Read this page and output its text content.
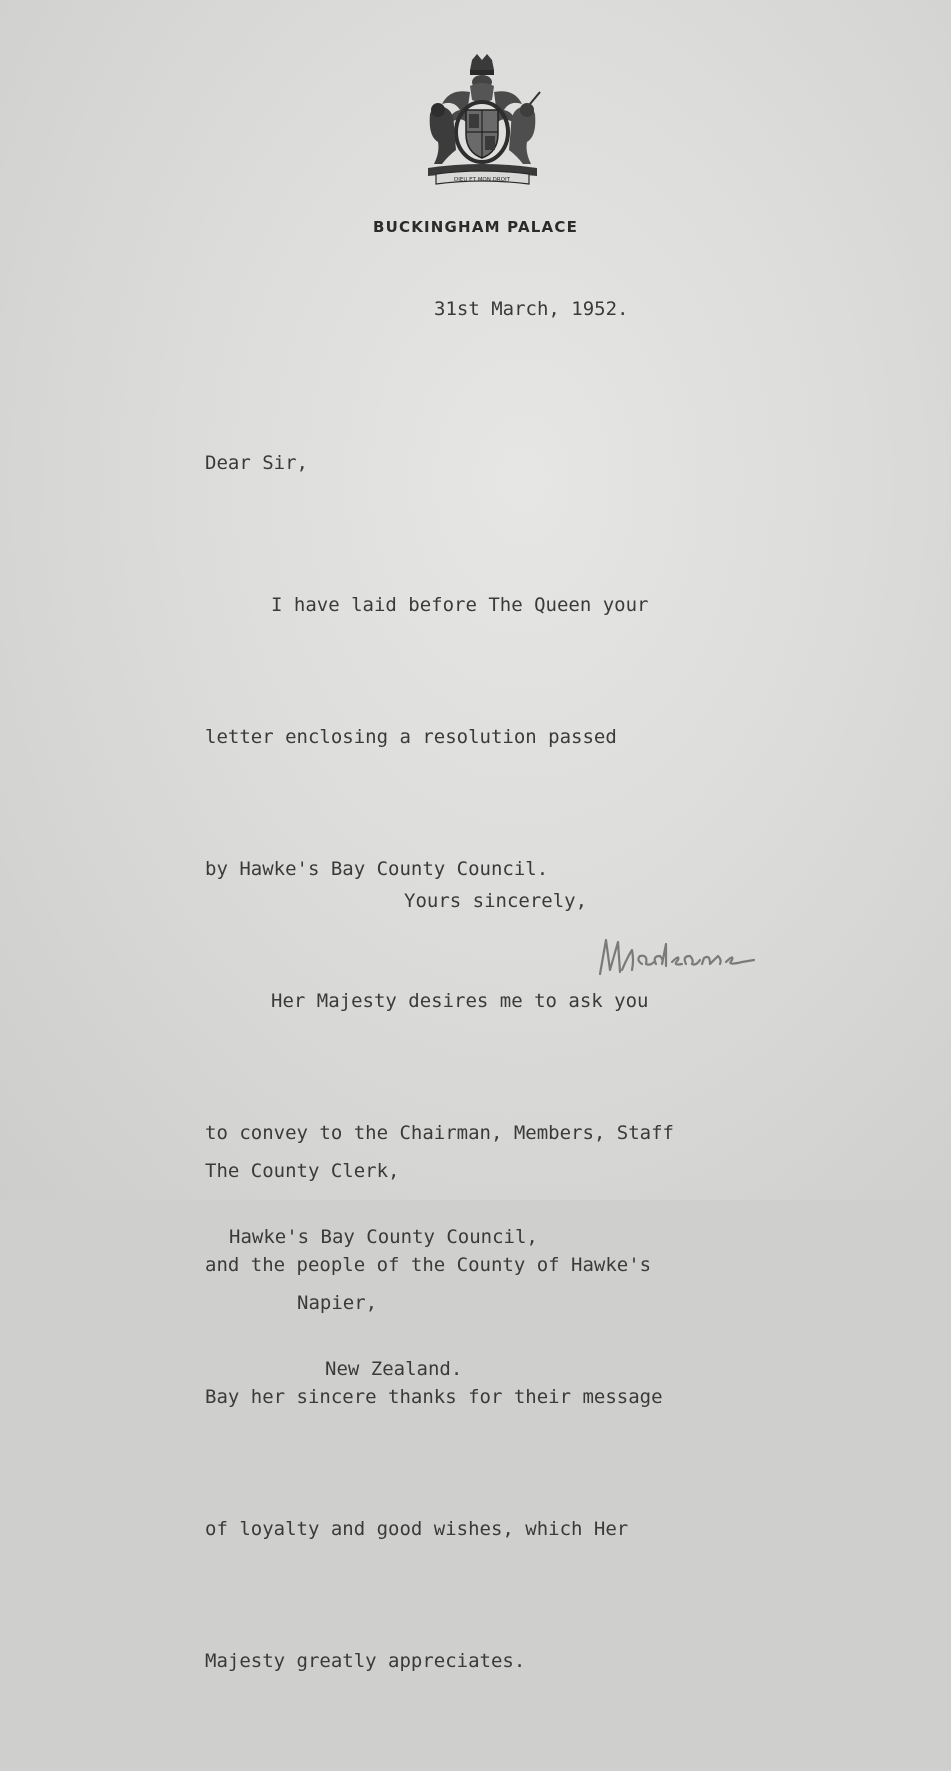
DIEU ET MON DROIT
BUCKINGHAM PALACE
31st March, 1952.
Dear Sir,

I have laid before The Queen your

letter enclosing a resolution passed

by Hawke's Bay County Council.

Her Majesty desires me to ask you

to convey to the Chairman, Members, Staff

and the people of the County of Hawke's

Bay her sincere thanks for their message

of loyalty and good wishes, which Her

Majesty greatly appreciates.

Yours sincerely,

The County Clerk,

Hawke's Bay County Council,

Napier,

New Zealand.
